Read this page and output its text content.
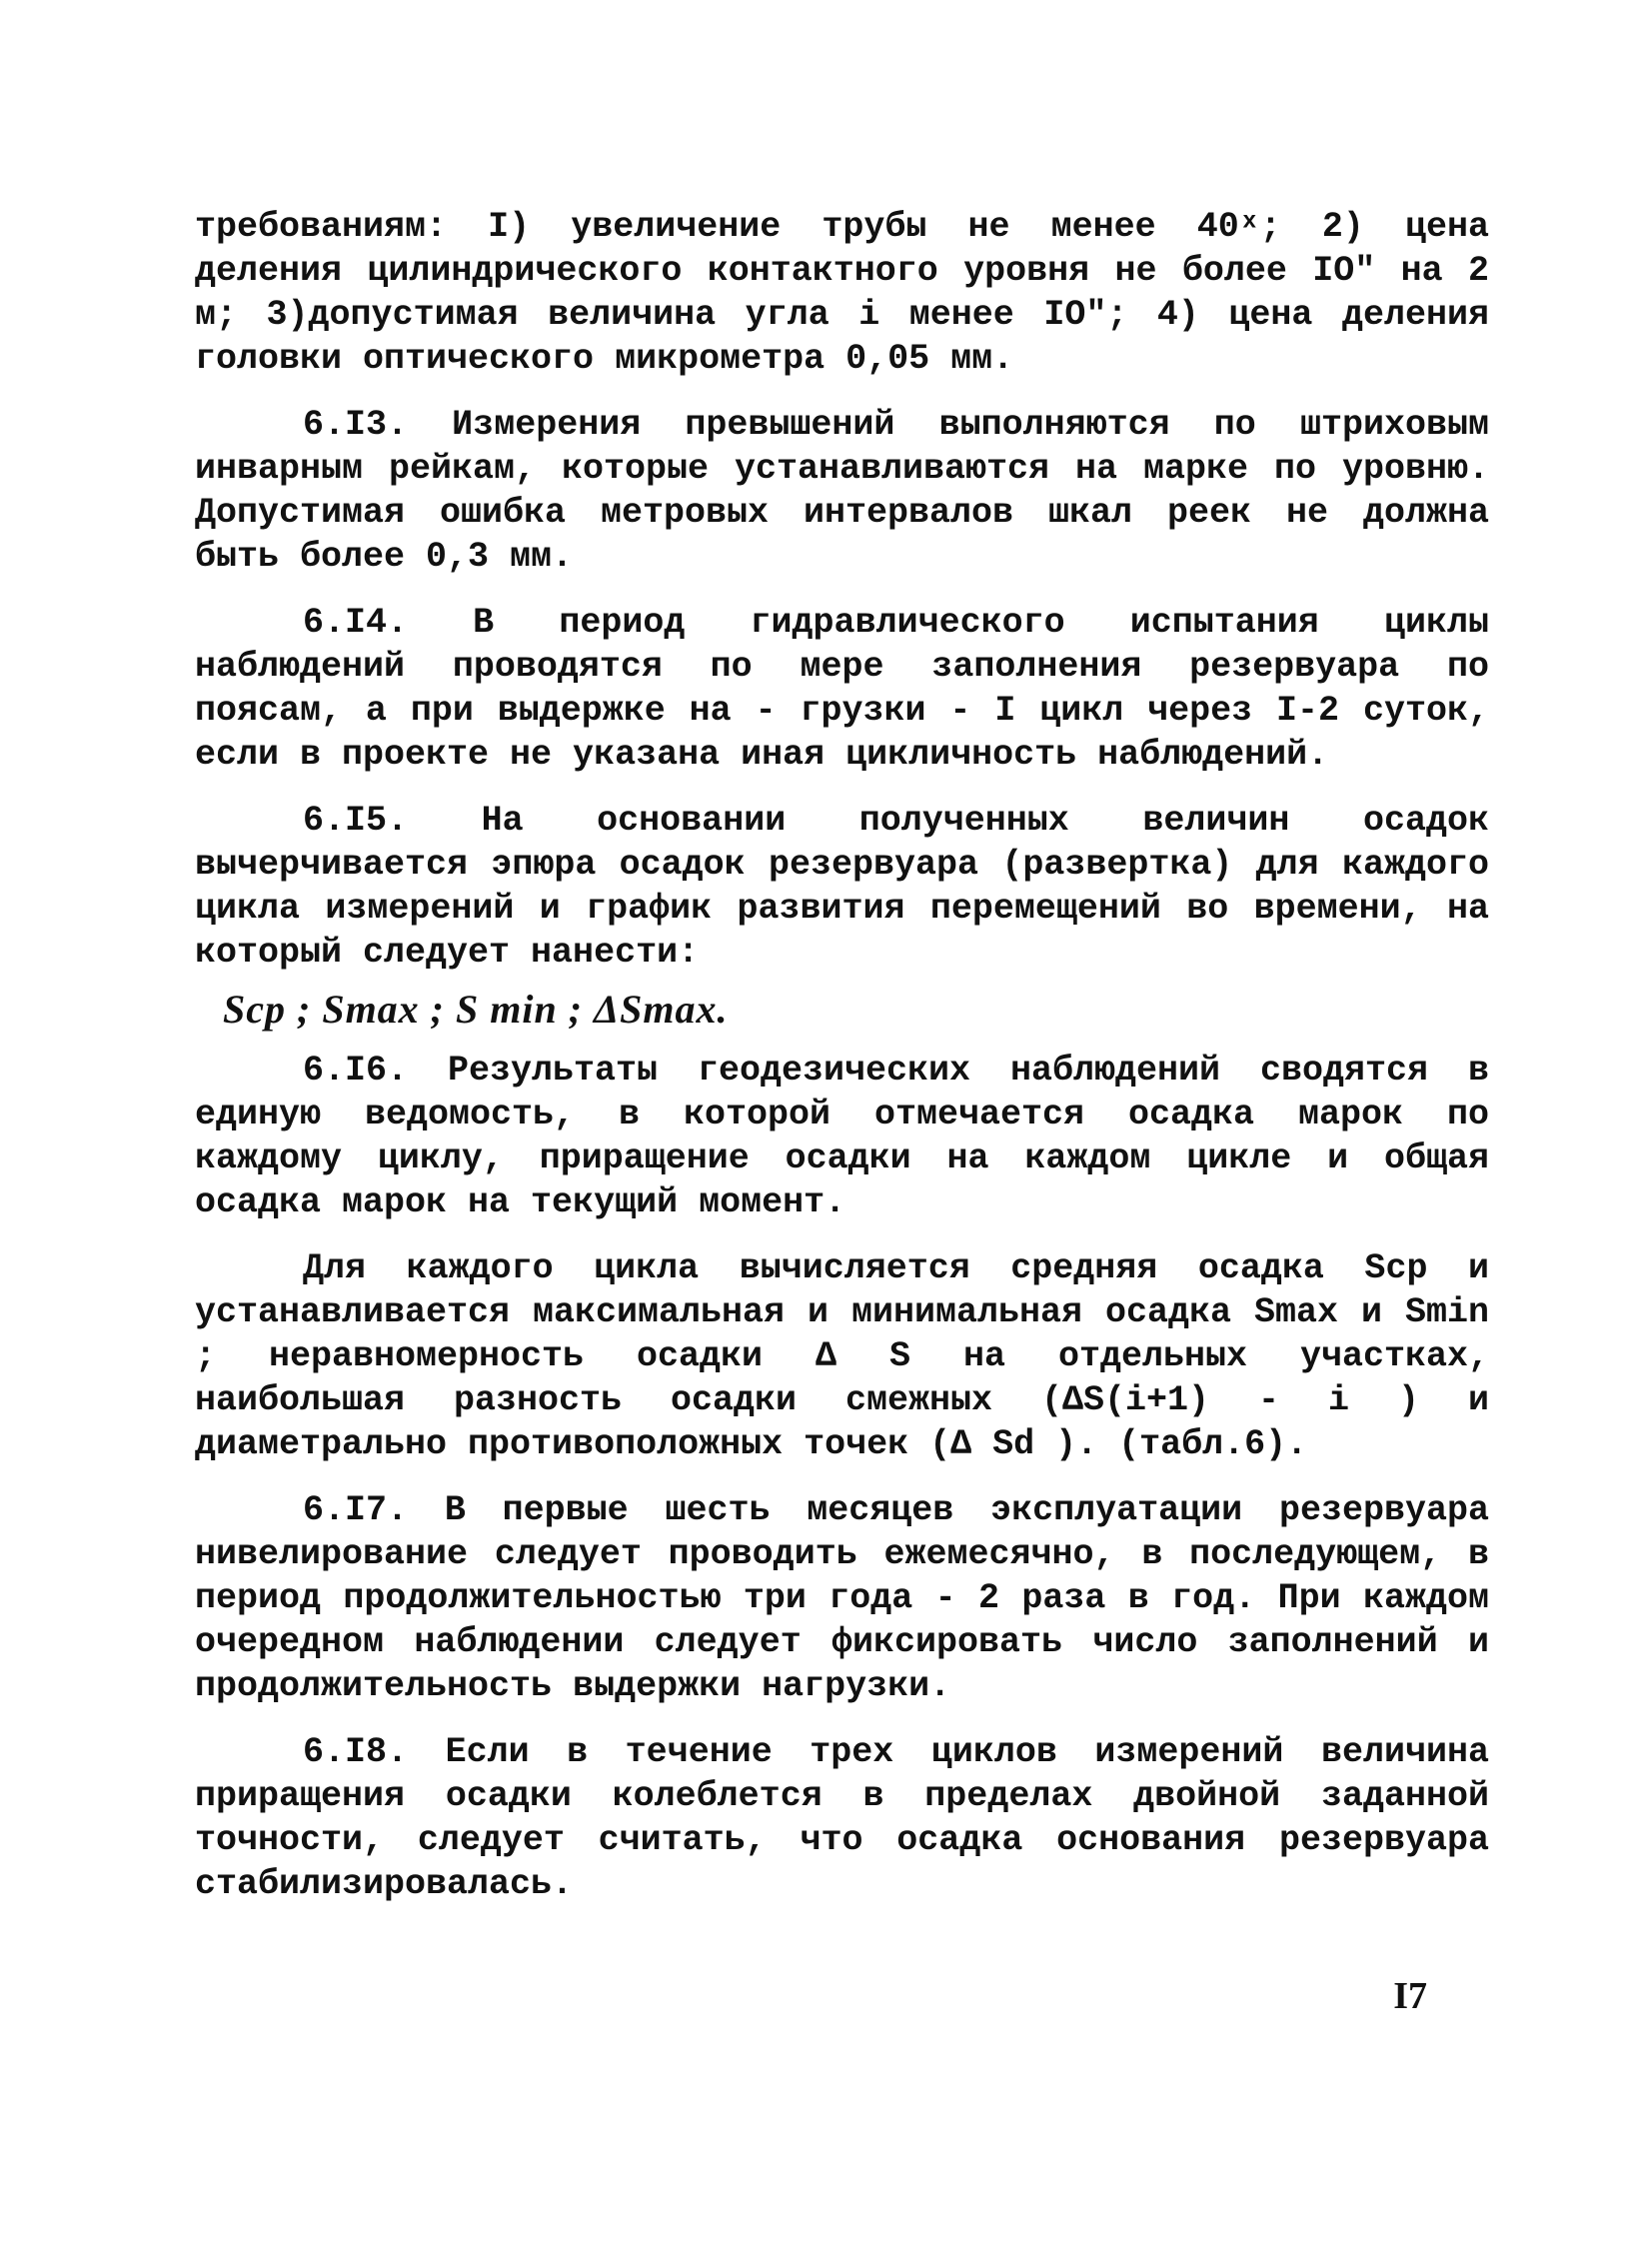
требованиям: I) увеличение трубы не менее 40ˣ; 2) цена деления цилиндрического контактного уровня не более IO" на 2 м; 3)допустимая величина угла i менее IO"; 4) цена деления головки оптического микрометра 0,05 мм.

6.I3. Измерения превышений выполняются по штриховым инварным рейкам, которые устанавливаются на марке по уровню. Допустимая ошибка метровых интервалов шкал реек не должна быть более 0,3 мм.

6.I4. В период гидравлического испытания циклы наблюдений проводятся по мере заполнения резервуара по поясам, а при выдержке на - грузки - I цикл через I-2 суток, если в проекте не указана иная цикличность наблюдений.

6.I5. На основании полученных величин осадок вычерчивается эпюра осадок резервуара (развертка) для каждого цикла измерений и график развития перемещений во времени, на который следует нанести:

Sср ; Smax ; S min ; ΔSmax.

6.I6. Результаты геодезических наблюдений сводятся в единую ведомость, в которой отмечается осадка марок по каждому циклу, приращение осадки на каждом цикле и общая осадка марок на текущий момент.

Для каждого цикла вычисляется средняя осадка Sср и устанавливается максимальная и минимальная осадка Smax и Smin ; неравномерность осадки Δ S на отдельных участках, наибольшая разность осадки смежных (ΔS(i+1) - i ) и диаметрально противоположных точек (Δ Sd ). (табл.6).

6.I7. В первые шесть месяцев эксплуатации резервуара нивелирование следует проводить ежемесячно, в последующем, в период продолжительностью три года - 2 раза в год. При каждом очередном наблюдении следует фиксировать число заполнений и продолжительность выдержки нагрузки.

6.I8. Если в течение трех циклов измерений величина приращения осадки колеблется в пределах двойной заданной точности, следует считать, что осадка основания резервуара стабилизировалась.

I7
